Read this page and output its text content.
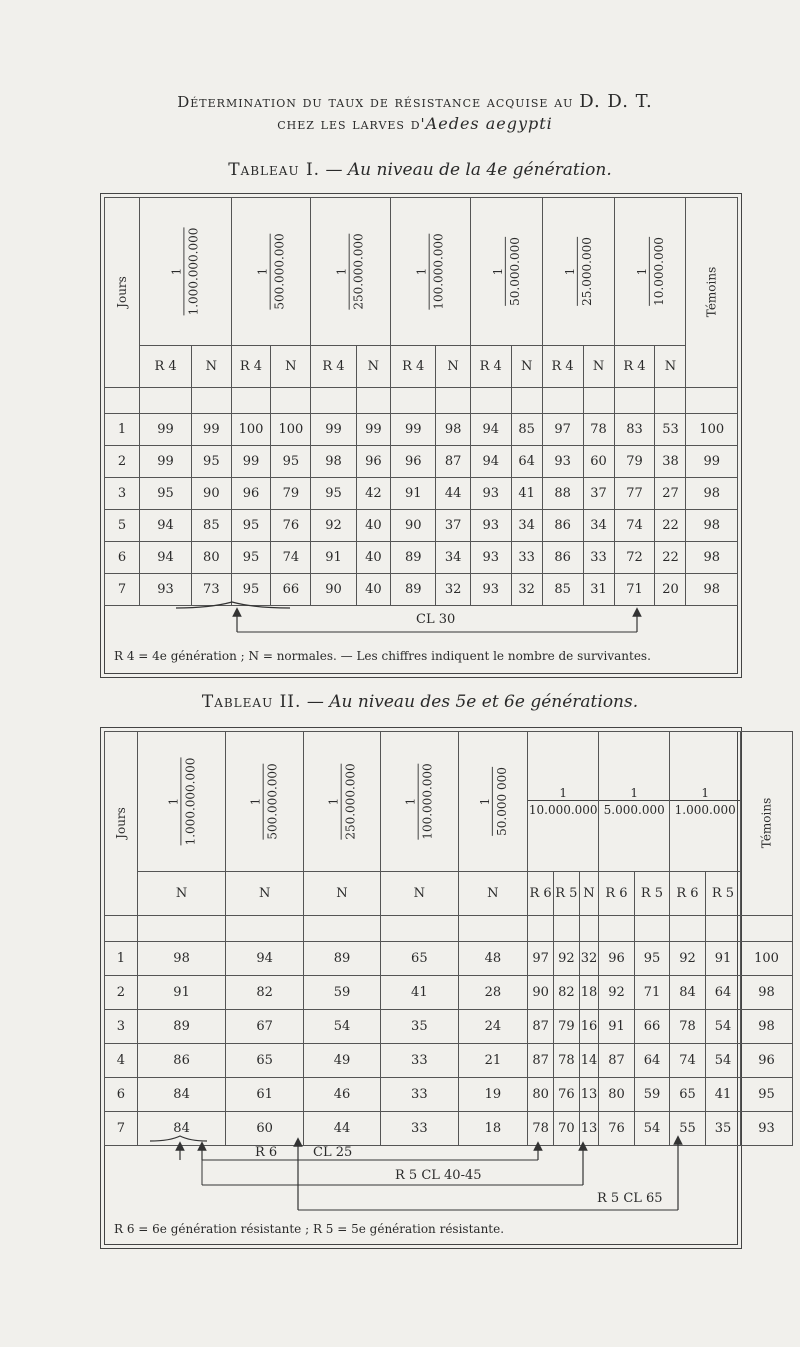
Détermination du taux de résistance acquise au D. D. T.
chez les larves d'Aedes aegypti
Tableau I. — Au niveau de la 4e génération.
Jours	1 1.000.000.000		1 500.000.000		1 250.000.000		1 100.000.000		1 50.000.000		1 25.000.000		1 10.000.000		Témoins
	R 4	N	R 4	N	R 4	N	R 4	N	R 4	N	R 4	N	R 4	N	

1	99	99	100	100	99	99	99	98	94	85	97	78	83	53	100
2	99	95	99	95	98	96	96	87	94	64	93	60	79	38	99
3	95	90	96	79	95	42	91	44	93	41	88	37	77	27	98
5	94	85	95	76	92	40	90	37	93	34	86	34	74	22	98
6	94	80	95	74	91	40	89	34	93	33	86	33	72	22	98
7	93	73	95	66	90	40	89	32	93	32	85	31	71	20	98
CL 30
R 4 = 4e génération ; N = normales. — Les chiffres indiquent le nombre de survivantes.
Tableau II. — Au niveau des 5e et 6e générations.
Jours	1 1.000.000.000	1 500.000.000	1 250.000.000	1 100.000.000	1 50.000 000	$\frac{1}{10.000.000}$			$\frac{1}{5.000.000}$		$\frac{1}{1.000.000}$		Témoins
	N	N	N	N	N	R 6	R 5	N	R 6	R 5	R 6	R 5	

1	98	94	89	65	48	97	92	32	96	95	92	91	100
2	91	82	59	41	28	90	82	18	92	71	84	64	98
3	89	67	54	35	24	87	79	16	91	66	78	54	98
4	86	65	49	33	21	87	78	14	87	64	74	54	96
6	84	61	46	33	19	80	76	13	80	59	65	41	95
7	84	60	44	33	18	78	70	13	76	54	55	35	93
R 6	CL 25
R 5 CL 40-45
R 5 CL 65
R 6 = 6e génération résistante ; R 5 = 5e génération résistante.
